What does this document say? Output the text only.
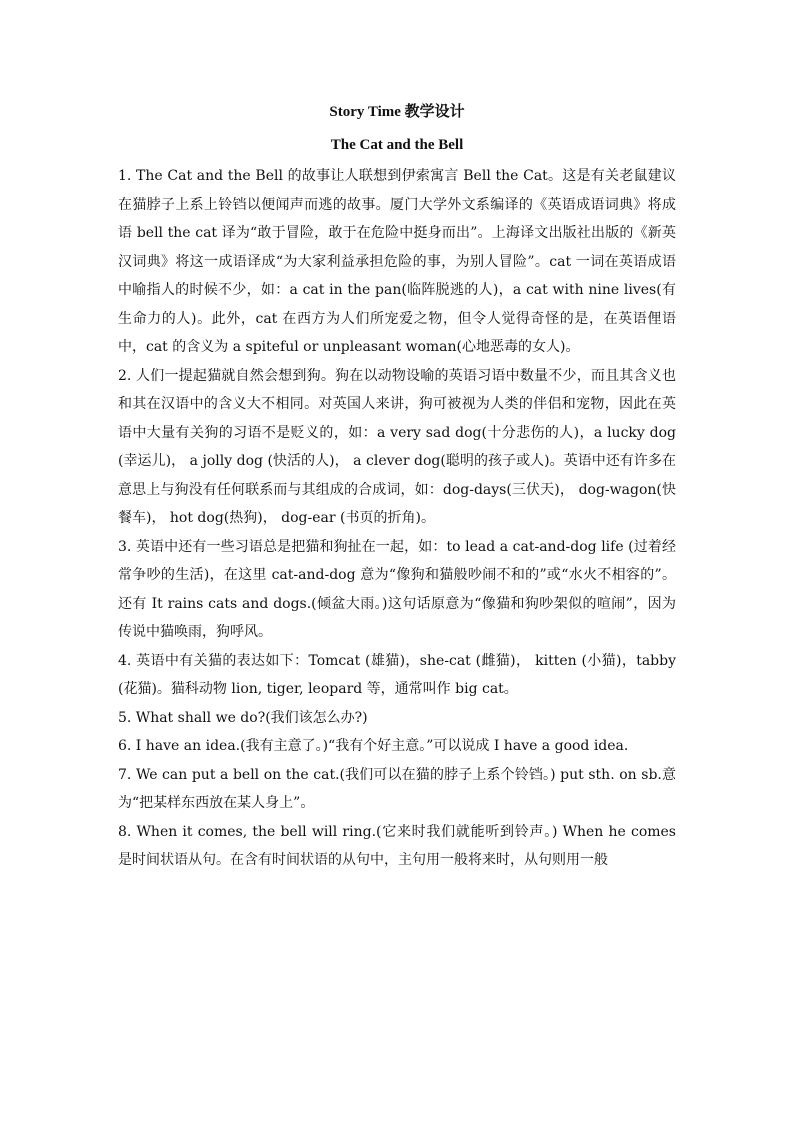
Story Time 教学设计
The Cat and the Bell

1. The Cat and the Bell 的故事让人联想到伊索寓言 Bell the Cat。这是有关老鼠建议在猫脖子上系上铃铛以便闻声而逃的故事。厦门大学外文系编译的《英语成语词典》将成语 bell the cat 译为“敢于冒险，敢于在危险中挺身而出”。上海译文出版社出版的《新英汉词典》将这一成语译成“为大家利益承担危险的事，为别人冒险”。cat 一词在英语成语中喻指人的时候不少，如：a cat in the pan(临阵脱逃的人)，a cat with nine lives(有生命力的人)。此外，cat 在西方为人们所宠爱之物，但令人觉得奇怪的是，在英语俚语中，cat 的含义为 a spiteful or unpleasant woman(心地恶毒的女人)。

2. 人们一提起猫就自然会想到狗。狗在以动物设喻的英语习语中数量不少，而且其含义也和其在汉语中的含义大不相同。对英国人来讲，狗可被视为人类的伴侣和宠物，因此在英语中大量有关狗的习语不是贬义的，如：a very sad dog(十分悲伤的人)，a lucky dog (幸运儿)， a jolly dog (快活的人)， a clever dog(聪明的孩子或人)。英语中还有许多在意思上与狗没有任何联系而与其组成的合成词，如：dog-days(三伏天)， dog-wagon(快餐车)， hot dog(热狗)， dog-ear (书页的折角)。

3. 英语中还有一些习语总是把猫和狗扯在一起，如：to lead a cat-and-dog life (过着经常争吵的生活)，在这里 cat-and-dog 意为“像狗和猫般吵闹不和的”或“水火不相容的”。还有 It rains cats and dogs.(倾盆大雨。)这句话原意为“像猫和狗吵架似的喧闹”，因为传说中猫唤雨，狗呼风。

4. 英语中有关猫的表达如下：Tomcat (雄猫)，she-cat (雌猫)， kitten (小猫)，tabby (花猫)。猫科动物 lion, tiger, leopard 等，通常叫作 big cat。

5. What shall we do?(我们该怎么办?)

6. I have an idea.(我有主意了。)“我有个好主意。”可以说成 I have a good idea.

7. We can put a bell on the cat.(我们可以在猫的脖子上系个铃铛。) put sth. on sb.意为“把某样东西放在某人身上”。

8. When it comes, the bell will ring.(它来时我们就能听到铃声。) When he comes 是时间状语从句。在含有时间状语的从句中，主句用一般将来时，从句则用一般
